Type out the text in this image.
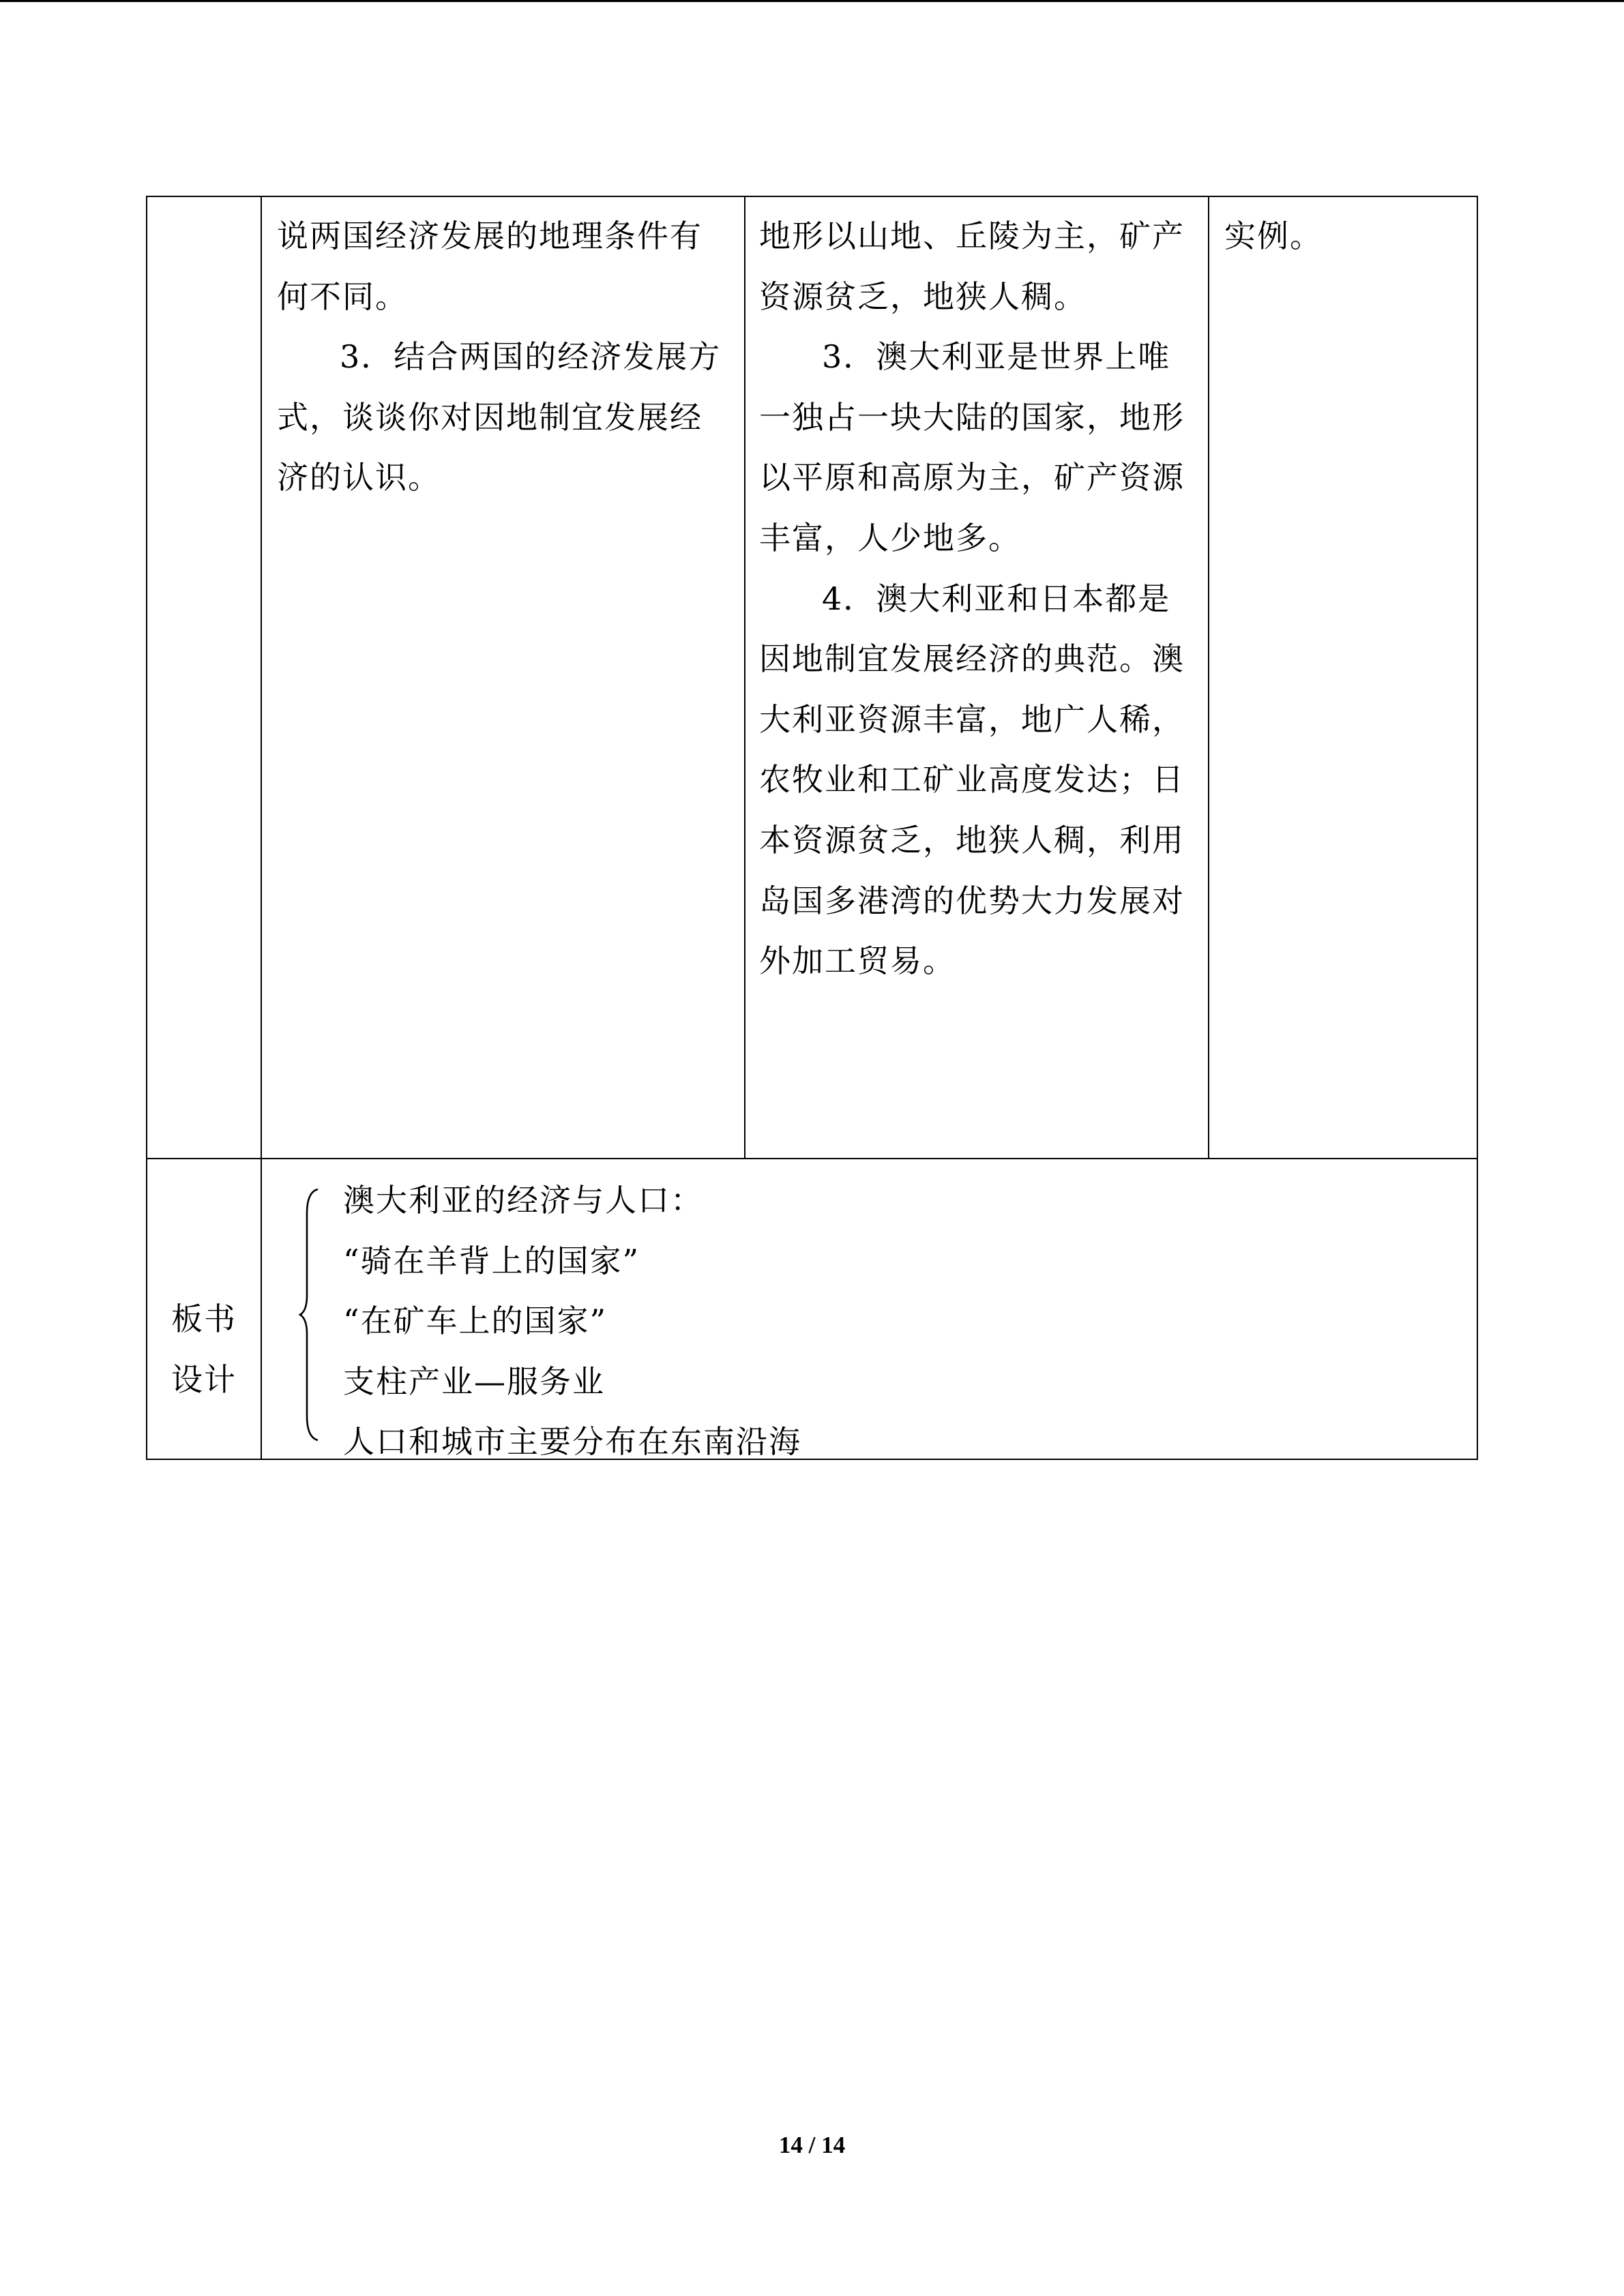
说两国经济发展的地理条件有何不同。

3．结合两国的经济发展方式，谈谈你对因地制宜发展经济的认识。

地形以山地、丘陵为主，矿产资源贫乏，地狭人稠。

3．澳大利亚是世界上唯一独占一块大陆的国家，地形以平原和高原为主，矿产资源丰富，人少地多。

4．澳大利亚和日本都是因地制宜发展经济的典范。澳大利亚资源丰富，地广人稀，农牧业和工矿业高度发达；日本资源贫乏，地狭人稠，利用岛国多港湾的优势大力发展对外加工贸易。

实例。

板书
设计
澳大利亚的经济与人口：
“骑在羊背上的国家”
“在矿车上的国家”
支柱产业—服务业
人口和城市主要分布在东南沿海
14 / 14
